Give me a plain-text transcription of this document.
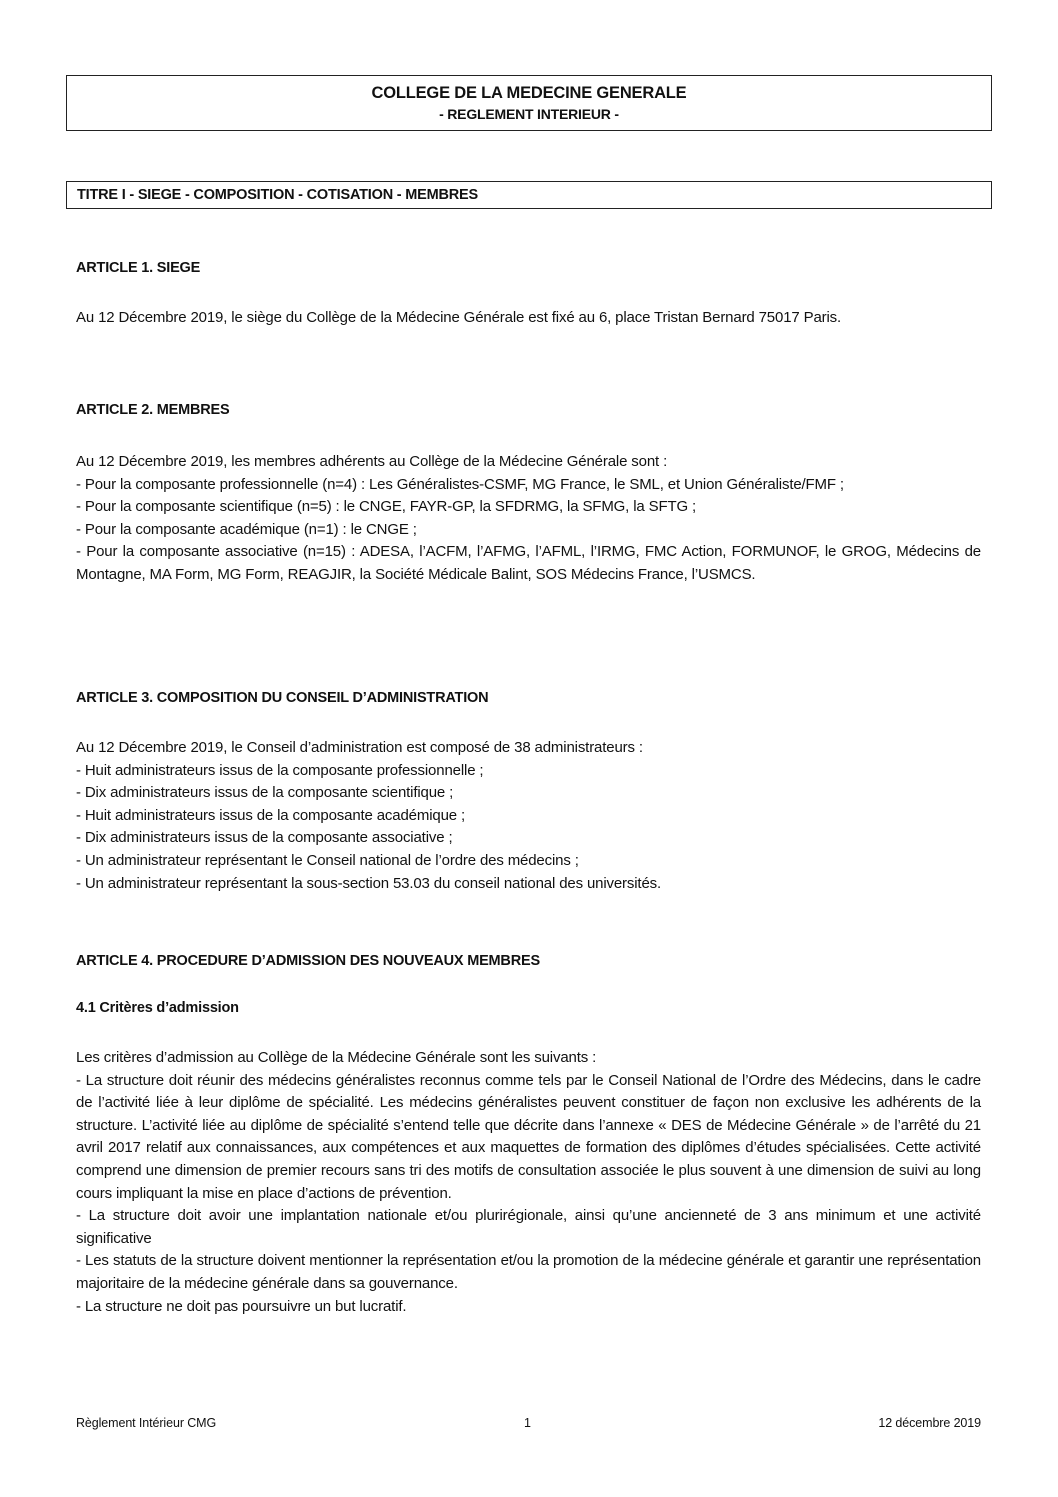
COLLEGE DE LA MEDECINE GENERALE
- REGLEMENT INTERIEUR -
TITRE I - SIEGE - COMPOSITION - COTISATION - MEMBRES
ARTICLE 1. SIEGE

Au 12 Décembre 2019, le siège du Collège de la Médecine Générale est fixé au 6, place Tristan Bernard 75017 Paris.

ARTICLE 2. MEMBRES

Au 12 Décembre 2019, les membres adhérents au Collège de la Médecine Générale sont :

- Pour la composante professionnelle (n=4) : Les Généralistes-CSMF, MG France, le SML, et Union Généraliste/FMF ;

- Pour la composante scientifique (n=5) : le CNGE, FAYR-GP, la SFDRMG, la SFMG, la SFTG ;

- Pour la composante académique (n=1) : le CNGE ;

- Pour la composante associative (n=15) : ADESA, l’ACFM, l’AFMG, l’AFML, l’IRMG, FMC Action, FORMUNOF, le GROG, Médecins de Montagne, MA Form, MG Form, REAGJIR, la Société Médicale Balint, SOS Médecins France, l’USMCS.

ARTICLE 3. COMPOSITION DU CONSEIL D’ADMINISTRATION

Au 12 Décembre 2019, le Conseil d’administration est composé de 38 administrateurs :

- Huit administrateurs issus de la composante professionnelle ;

- Dix administrateurs issus de la composante scientifique ;

- Huit administrateurs issus de la composante académique ;

- Dix administrateurs issus de la composante associative ;

- Un administrateur représentant le Conseil national de l’ordre des médecins ;

- Un administrateur représentant la sous-section 53.03 du conseil national des universités.

ARTICLE 4. PROCEDURE D’ADMISSION DES NOUVEAUX MEMBRES
4.1 Critères d’admission

Les critères d’admission au Collège de la Médecine Générale sont les suivants :

- La structure doit réunir des médecins généralistes reconnus comme tels par le Conseil National de l’Ordre des Médecins, dans le cadre de l’activité liée à leur diplôme de spécialité. Les médecins généralistes peuvent constituer de façon non exclusive les adhérents de la structure. L’activité liée au diplôme de spécialité s’entend telle que décrite dans l’annexe « DES de Médecine Générale » de l’arrêté du 21 avril 2017 relatif aux connaissances, aux compétences et aux maquettes de formation des diplômes d’études spécialisées. Cette activité comprend une dimension de premier recours sans tri des motifs de consultation associée le plus souvent à une dimension de suivi au long cours impliquant la mise en place d’actions de prévention.

- La structure doit avoir une implantation nationale et/ou plurirégionale, ainsi qu’une ancienneté de 3 ans minimum et une activité significative

- Les statuts de la structure doivent mentionner la représentation et/ou la promotion de la médecine générale et garantir une représentation majoritaire de la médecine générale dans sa gouvernance.

- La structure ne doit pas poursuivre un but lucratif.

Règlement Intérieur CMG	1	12 décembre 2019
